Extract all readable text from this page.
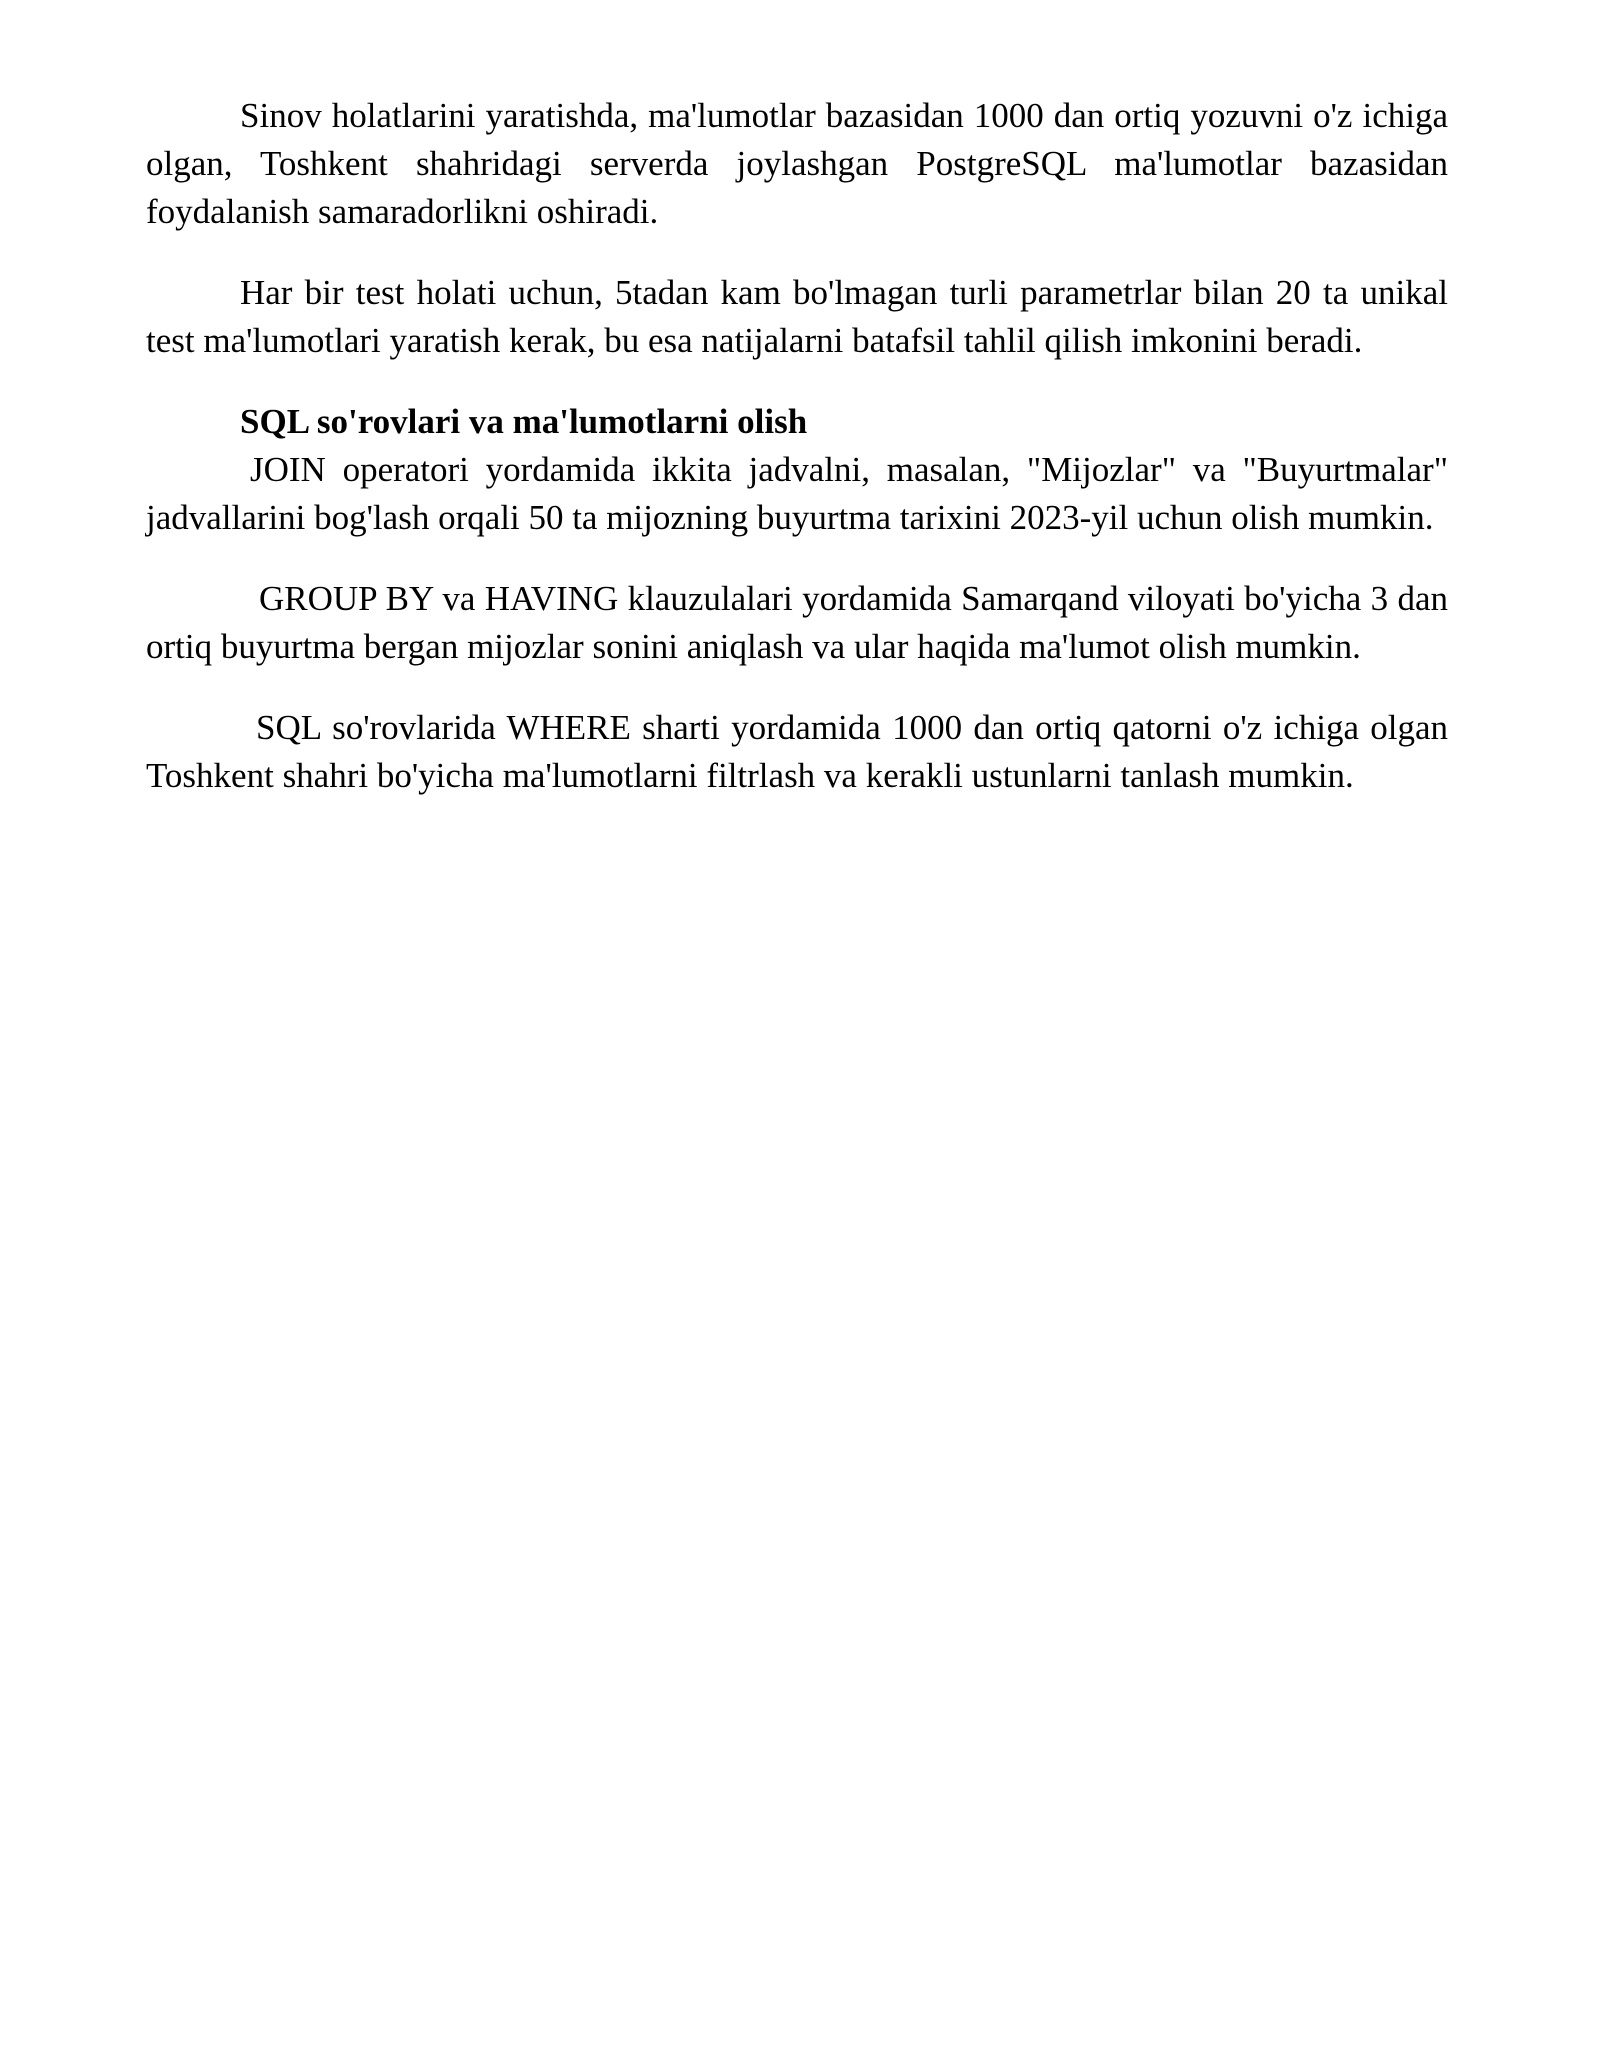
Sinov holatlarini yaratishda, ma'lumotlar bazasidan 1000 dan ortiq yozuvni o'z ichiga olgan, Toshkent shahridagi serverda joylashgan PostgreSQL ma'lumotlar bazasidan foydalanish samaradorlikni oshiradi.

Har bir test holati uchun, 5tadan kam bo'lmagan turli parametrlar bilan 20 ta unikal test ma'lumotlari yaratish kerak, bu esa natijalarni batafsil tahlil qilish imkonini beradi.

SQL so'rovlari va ma'lumotlarni olish

JOIN operatori yordamida ikkita jadvalni, masalan, "Mijozlar" va "Buyurtmalar" jadvallarini bog'lash orqali 50 ta mijozning buyurtma tarixini 2023-yil uchun olish mumkin.

GROUP BY va HAVING klauzulalari yordamida Samarqand viloyati bo'yicha 3 dan ortiq buyurtma bergan mijozlar sonini aniqlash va ular haqida ma'lumot olish mumkin.

SQL so'rovlarida WHERE sharti yordamida 1000 dan ortiq qatorni o'z ichiga olgan Toshkent shahri bo'yicha ma'lumotlarni filtrlash va kerakli ustunlarni tanlash mumkin.
